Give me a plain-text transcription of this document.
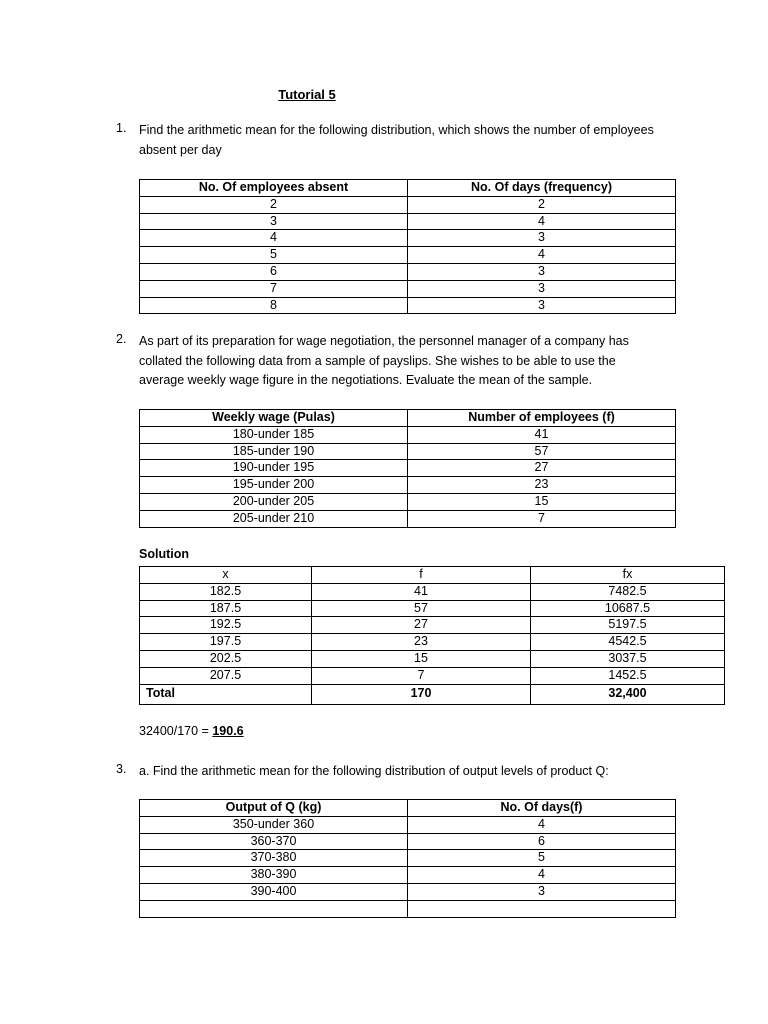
Tutorial 5
1.	Find the arithmetic mean for the following distribution, which shows the number of employees absent per day
No. Of employees absent	No. Of days (frequency)
2	2
3	4
4	3
5	4
6	3
7	3
8	3
2.	As part of its preparation for wage negotiation, the personnel manager of a company has collated the following data from a sample of payslips. She wishes to be able to use the average weekly wage figure in the negotiations. Evaluate the mean of the sample.
Weekly wage (Pulas)	Number of employees (f)
180-under 185	41
185-under 190	57
190-under 195	27
195-under 200	23
200-under 205	15
205-under 210	7
Solution
x	f	fx
182.5	41	7482.5
187.5	57	10687.5
192.5	27	5197.5
197.5	23	4542.5
202.5	15	3037.5
207.5	7	1452.5
Total	170	32,400
32400/170 = 190.6
3.	a. Find the arithmetic mean for the following distribution of output levels of product Q:
Output of Q (kg)	No. Of days(f)
350-under 360	4
360-370	6
370-380	5
380-390	4
390-400	3
